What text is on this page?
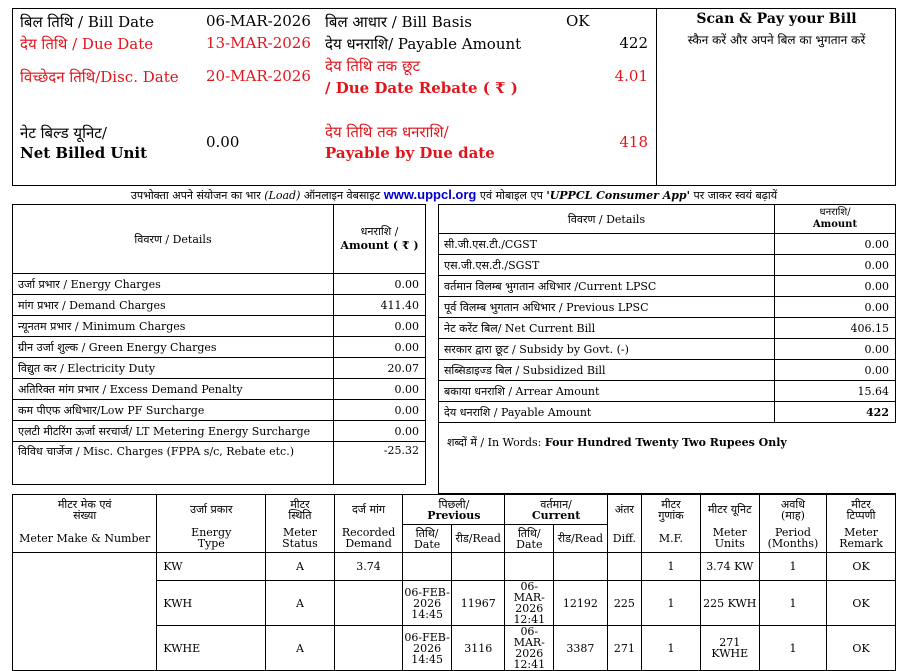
बिल तिथि / Bill Date	06-MAR-2026
देय तिथि / Due Date	13-MAR-2026
विच्छेदन तिथि/Disc. Date 20-MAR-2026
नेट बिल्ड यूनिट/
Net Billed Unit
0.00
बिल आधार / Bill Basis	OK
देय धनराशि/ Payable Amount	422
देय तिथि तक छूट
/ Due Date Rebate ( ₹ )
4.01
देय तिथि तक धनराशि/
Payable by Due date
418
Scan & Pay your Bill
स्कैन करें और अपने बिल का भुगतान करें
उपभोक्ता अपने संयोजन का भार (Load) ऑनलाइन वेबसाइट www.uppcl.org एवं मोबाइल एप 'UPPCL Consumer App' पर जाकर स्वयं बढ़ायें
विवरण / Details	धनराशि /
Amount ( ₹ )
उर्जा प्रभार / Energy Charges	0.00
मांग प्रभार / Demand Charges	411.40
न्यूनतम प्रभार / Minimum Charges	0.00
ग्रीन उर्जा शुल्क / Green Energy Charges	0.00
विद्युत कर / Electricity Duty	20.07
अतिरिक्त मांग प्रभार / Excess Demand Penalty	0.00
कम पीएफ अधिभार/Low PF Surcharge	0.00
एलटी मीटरिंग ऊर्जा सरचार्ज/ LT Metering Energy Surcharge	0.00
विविध चार्जेज / Misc. Charges (FPPA s/c, Rebate etc.)	-25.32
विवरण / Details	धनराशि/
Amount
सी.जी.एस.टी./CGST	0.00
एस.जी.एस.टी./SGST	0.00
वर्तमान विलम्ब भुगतान अधिभार /Current LPSC	0.00
पूर्व विलम्ब भुगतान अधिभार / Previous LPSC	0.00
नेट करेंट बिल/ Net Current Bill	406.15
सरकार द्वारा छूट / Subsidy by Govt. (-)	0.00
सब्सिडाइज्ड बिल / Subsidized Bill	0.00
बकाया धनराशि / Arrear Amount	15.64
देय धनराशि / Payable Amount	422
शब्दों में / In Words: Four Hundred Twenty Two Rupees Only	
मीटर मेक एवं संख्या	उर्जा प्रकार	मीटर स्थिति	दर्ज मांग	पिछली/
Previous		वर्तमान/
Current		अंतर	मीटर गुणांक	मीटर यूनिट	अवधि (माह)	मीटर टिप्पणी
Meter Make & Number	Energy Type	Meter Status	Recorded Demand	तिथि/ Date	रीड/Read	तिथि/ Date	रीड/Read	Diff.	M.F.	Meter Units	Period (Months)	Meter Remark
	KW	A	3.74						1	3.74 KW	1	OK
	KWH	A		06-FEB-2026 14:45	11967	06-MAR-2026 12:41	12192	225	1	225 KWH	1	OK
	KWHE	A		06-FEB-2026 14:45	3116	06-MAR-2026 12:41	3387	271	1	271 KWHE	1	OK
